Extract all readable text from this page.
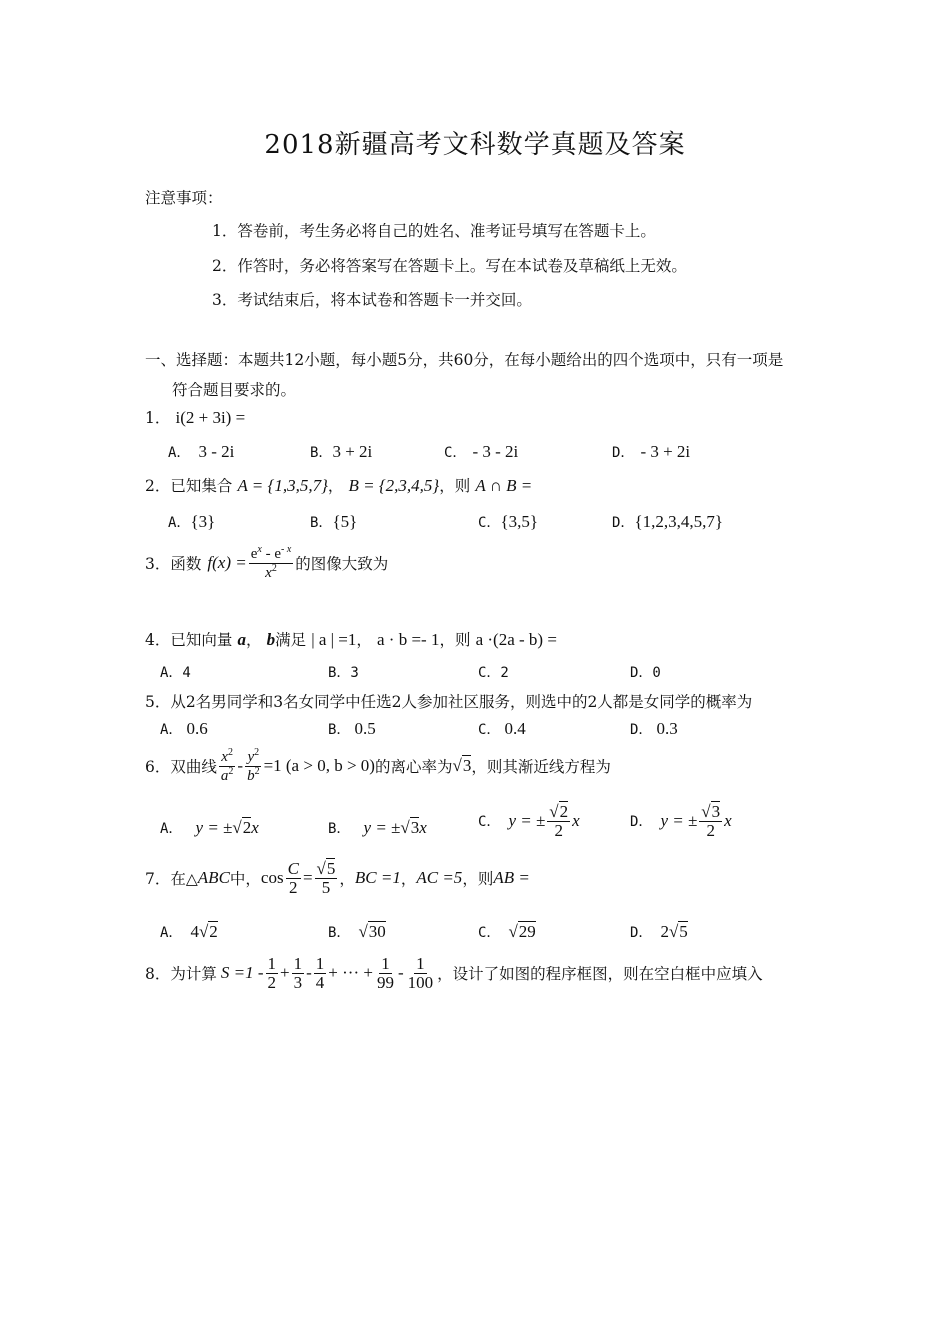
2018新疆高考文科数学真题及答案
注意事项：
1．答卷前，考生务必将自己的姓名、准考证号填写在答题卡上。
2．作答时，务必将答案写在答题卡上。写在本试卷及草稿纸上无效。
3．考试结束后，将本试卷和答题卡一并交回。
一、选择题：本题共12小题，每小题5分，共60分，在每小题给出的四个选项中，只有一项是
符合题目要求的。
1． i(2 + 3i) =
A． 3 - 2i	B．3 + 2i	C． - 3 - 2i	D． - 3 + 2i
2．已知集合 A = {1,3,5,7}， B = {2,3,4,5}，则 A ∩ B =
A．{3}	B．{5}	C．{3,5}	D．{1,2,3,4,5,7}
3． 函数 $f(x) = \frac{e^x - e^{- x}}{x^2}$ 的图像大致为
4．已知向量 a， b满足 | a | =1， a · b =- 1，则 a ·(2a - b) =
A．4	B．3	C．2	D．0
5．从2名男同学和3名女同学中任选2人参加社区服务，则选中的2人都是女同学的概率为
A． 0.6	B． 0.5	C． 0.4	D． 0.3
6． 双曲线 $\frac{x^2}{a^2} - \frac{y^2}{b^2} =1$ (a > 0, b > 0) 的离心率为 √3 ，则其渐近线方程为
A． y = ±√2x	B． y = ±√3x	C． y = ± $\frac{√2}{2}$ x	D． y = ± $\frac{√3}{2}$ x
7． 在△ ABC 中， $\cos \frac{C}{2} = \frac{√5}{5}$ ， BC =1 ， AC =5 ，则 AB =
A． 4√2	B． √30	C． √29	D． 2√5
8． 为计算 $S =1 - \frac{1}{2} + \frac{1}{3} - \frac{1}{4}$ + ··· + $\frac{1}{99} - \frac{1}{100}$ ，设计了如图的程序框图，则在空白框中应填入
